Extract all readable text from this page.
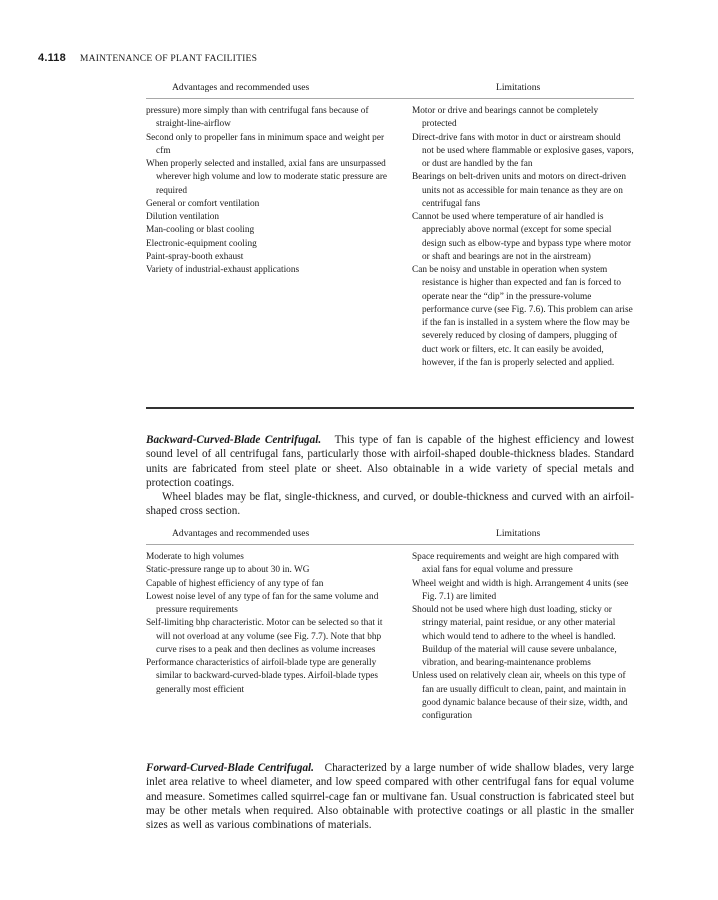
4.118 MAINTENANCE OF PLANT FACILITIES
Advantages and recommended uses	Limitations
pressure) more simply than with centrifugal fans because of straight-line-airflow
Second only to propeller fans in minimum space and weight per cfm
When properly selected and installed, axial fans are unsurpassed wherever high volume and low to moderate static pressure are required
General or comfort ventilation
Dilution ventilation
Man-cooling or blast cooling
Electronic-equipment cooling
Paint-spray-booth exhaust
Variety of industrial-exhaust applications
Motor or drive and bearings cannot be completely protected
Direct-drive fans with motor in duct or airstream should not be used where flammable or explosive gases, vapors, or dust are handled by the fan
Bearings on belt-driven units and motors on direct-driven units not as accessible for main tenance as they are on centrifugal fans
Cannot be used where temperature of air handled is appreciably above normal (except for some special design such as elbow-type and bypass type where motor or shaft and bearings are not in the airstream)
Can be noisy and unstable in operation when system resistance is higher than expected and fan is forced to operate near the “dip” in the pressure-volume performance curve (see Fig. 7.6). This problem can arise if the fan is installed in a system where the flow may be severely reduced by closing of dampers, plugging of duct work or filters, etc. It can easily be avoided, however, if the fan is properly selected and applied.
Backward-Curved-Blade Centrifugal. This type of fan is capable of the highest efficiency and lowest sound level of all centrifugal fans, particularly those with airfoil-shaped double-thickness blades. Standard units are fabricated from steel plate or sheet. Also obtainable in a wide variety of special metals and protection coatings.
Wheel blades may be flat, single-thickness, and curved, or double-thickness and curved with an airfoil-shaped cross section.
Advantages and recommended uses	Limitations
Moderate to high volumes
Static-pressure range up to about 30 in. WG
Capable of highest efficiency of any type of fan
Lowest noise level of any type of fan for the same volume and pressure requirements
Self-limiting bhp characteristic. Motor can be selected so that it will not overload at any volume (see Fig. 7.7). Note that bhp curve rises to a peak and then declines as volume increases
Performance characteristics of airfoil-blade type are generally similar to backward-curved-blade types. Airfoil-blade types generally most efficient
Space requirements and weight are high compared with axial fans for equal volume and pressure
Wheel weight and width is high. Arrangement 4 units (see Fig. 7.1) are limited
Should not be used where high dust loading, sticky or stringy material, paint residue, or any other material which would tend to adhere to the wheel is handled. Buildup of the material will cause severe unbalance, vibration, and bearing-maintenance problems
Unless used on relatively clean air, wheels on this type of fan are usually difficult to clean, paint, and maintain in good dynamic balance because of their size, width, and configuration
Forward-Curved-Blade Centrifugal. Characterized by a large number of wide shallow blades, very large inlet area relative to wheel diameter, and low speed compared with other centrifugal fans for equal volume and measure. Sometimes called squirrel-cage fan or multivane fan. Usual construction is fabricated steel but may be other metals when required. Also obtainable with protective coatings or all plastic in the smaller sizes as well as various combinations of materials.
